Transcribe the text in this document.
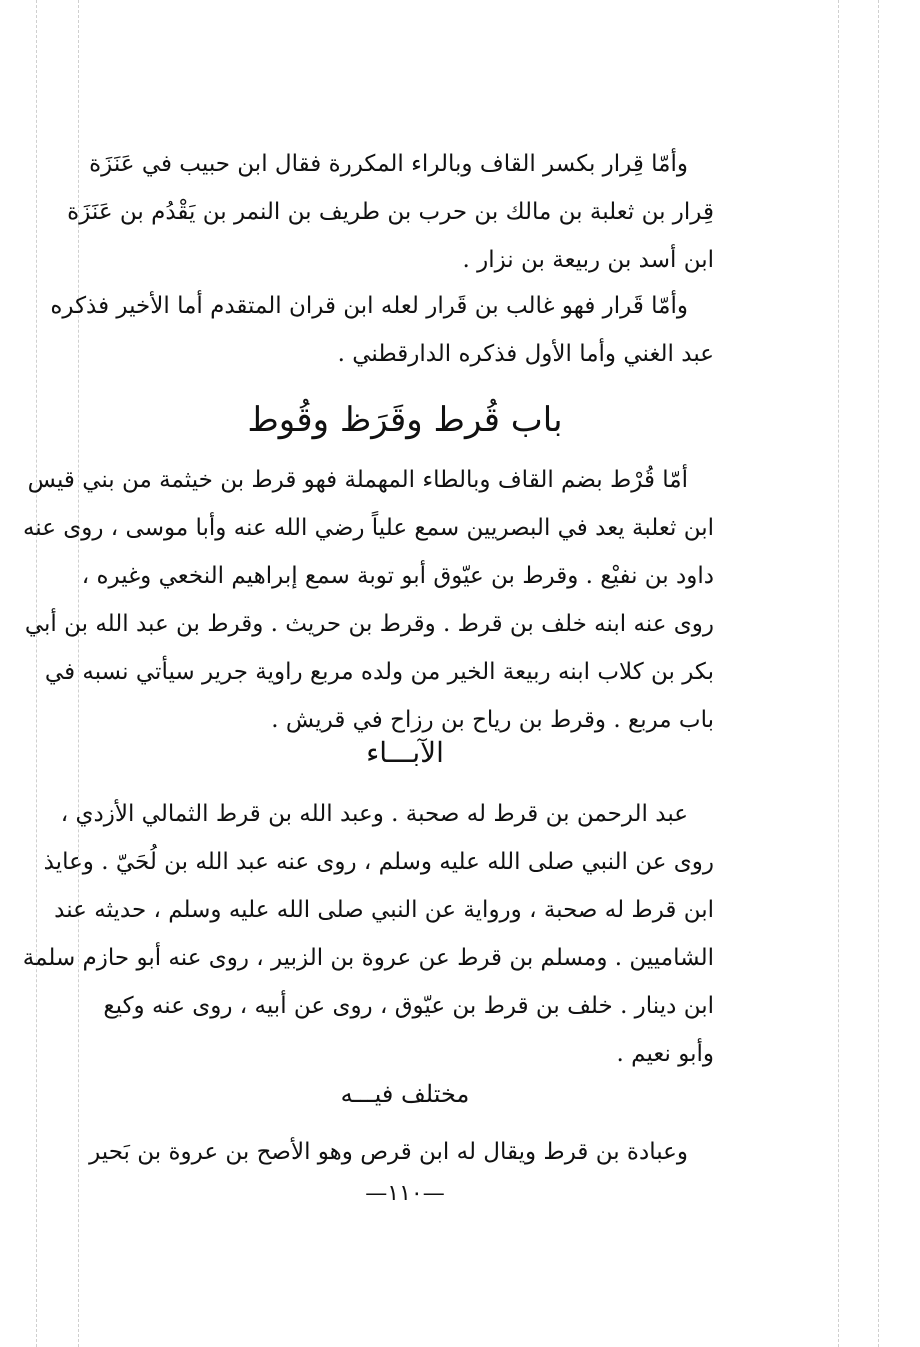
وأمّا قِرار بكسر القاف وبالراء المكررة فقال ابن حبيب في عَنَزَة
قِرار بن ثعلبة بن مالك بن حرب بن طريف بن النمر بن يَقْدُم بن عَنَزَة
ابن أسد بن ربيعة بن نزار .
وأمّا قَرار فهو غالب بن قَرار لعله ابن قران المتقدم أما الأخير فذكره
عبد الغني وأما الأول فذكره الدارقطني .
باب قُرط وقَرَظ وقُوط
أمّا قُرْط بضم القاف وبالطاء المهملة فهو قرط بن خيثمة من بني قيس
ابن ثعلبة يعد في البصريين سمع علياً رضي الله عنه وأبا موسى ، روى عنه
داود بن نفيْع . وقرط بن عيّوق أبو توبة سمع إبراهيم النخعي وغيره ،
روى عنه ابنه خلف بن قرط . وقرط بن حريث . وقرط بن عبد الله بن أبي
بكر بن كلاب ابنه ربيعة الخير من ولده مربع راوية جرير سيأتي نسبه في
باب مربع . وقرط بن رياح بن رزاح في قريش .
الآبـــاء
عبد الرحمن بن قرط له صحبة . وعبد الله بن قرط الثمالي الأزدي ،
روى عن النبي صلى الله عليه وسلم ، روى عنه عبد الله بن لُحَيّ . وعايذ
ابن قرط له صحبة ، ورواية عن النبي صلى الله عليه وسلم ، حديثه عند
الشاميين . ومسلم بن قرط عن عروة بن الزبير ، روى عنه أبو حازم سلمة
ابن دينار . خلف بن قرط بن عيّوق ، روى عن أبيه ، روى عنه وكيع
وأبو نعيم .
مختلف فيـــه
وعبادة بن قرط ويقال له ابن قرص وهو الأصح بن عروة بن بَحير
—١١٠—
